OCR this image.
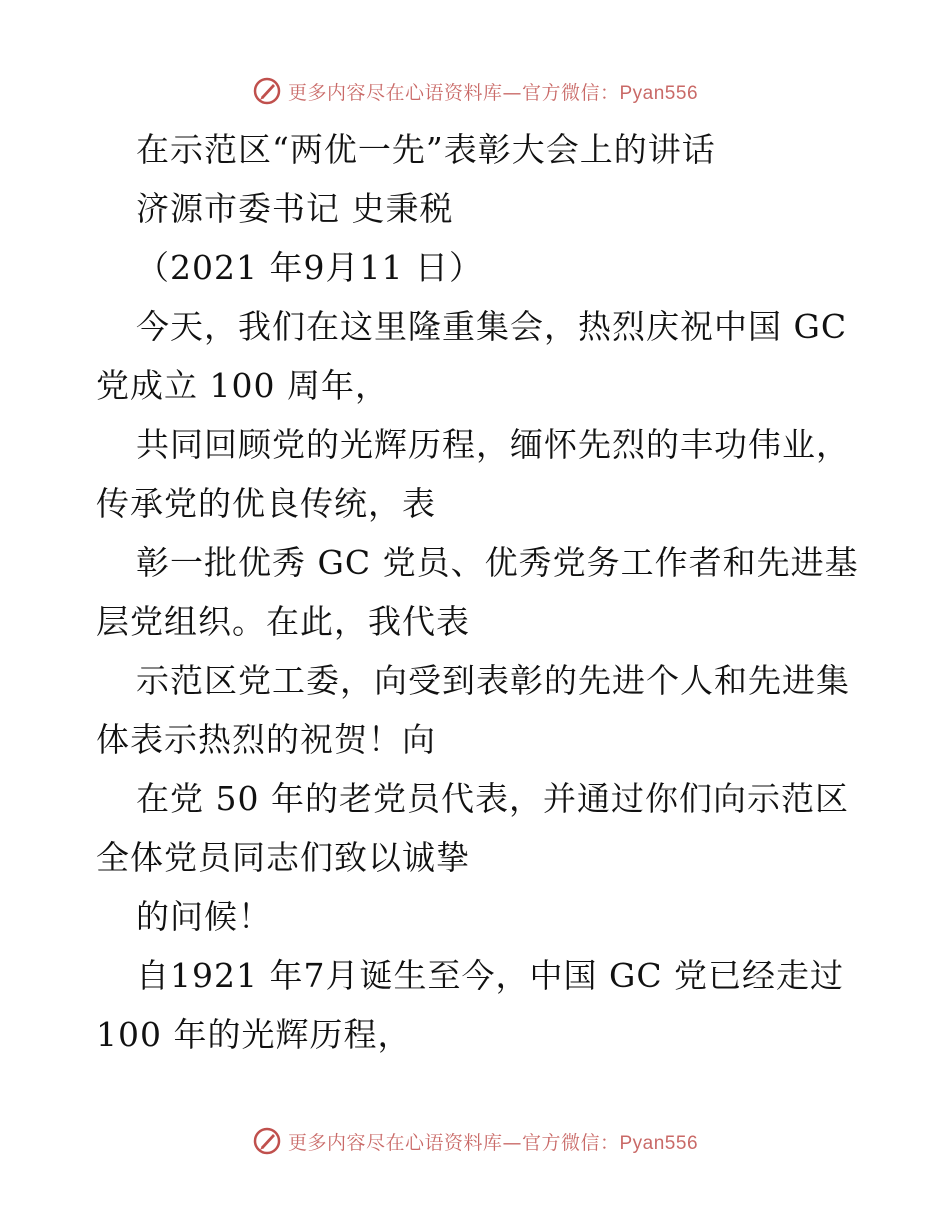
更多内容尽在心语资料库—官方微信：Pyan556
在示范区“两优一先”表彰大会上的讲话
济源市委书记 史秉税
（2021 年9月11 日）
今天，我们在这里隆重集会，热烈庆祝中国 GC
党成立 100 周年，
共同回顾党的光辉历程，缅怀先烈的丰功伟业，
传承党的优良传统，表
彰一批优秀 GC 党员、优秀党务工作者和先进基
层党组织。在此，我代表
示范区党工委，向受到表彰的先进个人和先进集
体表示热烈的祝贺！向
在党 50 年的老党员代表，并通过你们向示范区
全体党员同志们致以诚挚
的问候！
自1921 年7月诞生至今，中国 GC 党已经走过
100 年的光辉历程，
更多内容尽在心语资料库—官方微信：Pyan556
